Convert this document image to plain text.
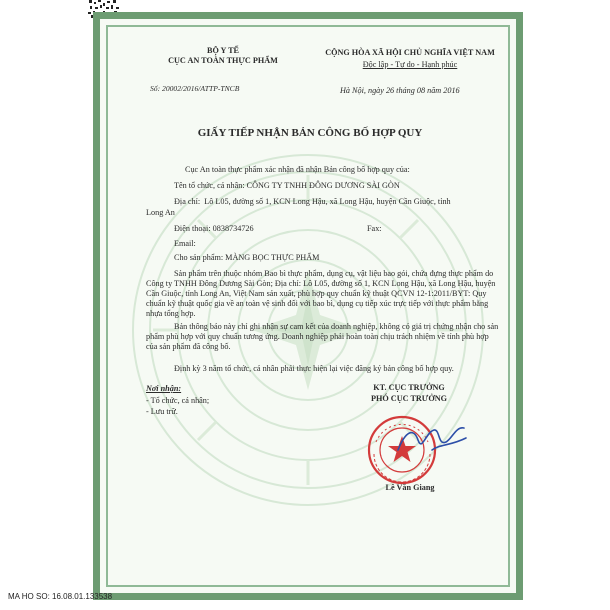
BỘ Y TẾ
CỤC AN TOÀN THỰC PHẨM
Số: 20002/2016/ATTP-TNCB
CỘNG HÒA XÃ HỘI CHỦ NGHĨA VIỆT NAM
Độc lập - Tự do - Hạnh phúc
Hà Nội, ngày 26 tháng 08 năm 2016
GIẤY TIẾP NHẬN BẢN CÔNG BỐ HỢP QUY
Cục An toàn thực phẩm xác nhận đã nhận Bản công bố hợp quy của:
Tên tổ chức, cá nhân: CÔNG TY TNHH ĐÔNG DƯƠNG SÀI GÒN
Địa chỉ: Lô L05, đường số 1, KCN Long Hậu, xã Long Hậu, huyện Cần Giuộc, tỉnh
Long An
Điện thoại: 0838734726	Fax:
Email:
Cho sản phẩm: MÀNG BỌC THỰC PHẨM
Sản phẩm trên thuộc nhóm Bao bì thực phẩm, dụng cụ, vật liệu bao gói, chứa đựng thực phẩm do Công ty TNHH Đông Dương Sài Gòn; Địa chỉ: Lô L05, đường số 1, KCN Long Hậu, xã Long Hậu, huyện Cần Giuộc, tỉnh Long An, Việt Nam sản xuất, phù hợp quy chuẩn kỹ thuật QCVN 12-1:2011/BYT: Quy chuẩn kỹ thuật quốc gia về an toàn vệ sinh đối với bao bì, dụng cụ tiếp xúc trực tiếp với thực phẩm bằng nhựa tổng hợp.
Bản thông báo này chỉ ghi nhận sự cam kết của doanh nghiệp, không có giá trị chứng nhận cho sản phẩm phù hợp với quy chuẩn tương ứng. Doanh nghiệp phải hoàn toàn chịu trách nhiệm về tính phù hợp của sản phẩm đã công bố.
Định kỳ 3 năm tổ chức, cá nhân phải thực hiện lại việc đăng ký bản công bố hợp quy.
Nơi nhận:
- Tổ chức, cá nhân;
- Lưu trữ.
KT. CỤC TRƯỞNG
PHÓ CỤC TRƯỞNG
Lê Văn Giang
MA HO SO: 16.08.01.133538
